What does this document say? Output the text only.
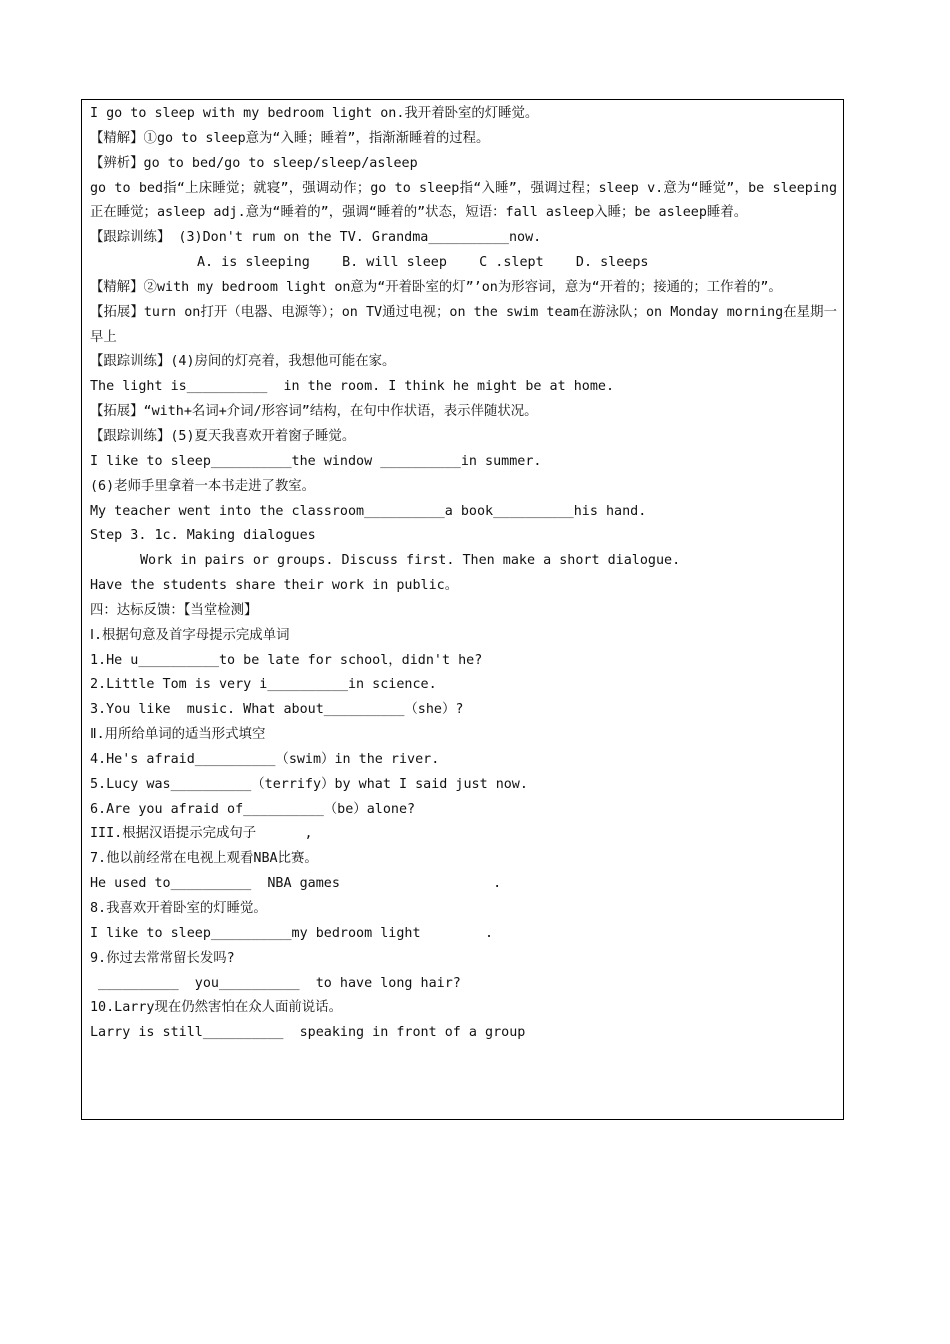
I go to sleep with my bedroom light on.我开着卧室的灯睡觉。
【精解】①go to sleep意为“入睡；睡着”，指渐渐睡着的过程。
【辨析】go to bed/go to sleep/sleep/asleep
go to bed指“上床睡觉；就寝”，强调动作；go to sleep指“入睡”，强调过程；sleep v.意为“睡觉”，be sleeping正在睡觉；asleep adj.意为“睡着的”，强调“睡着的”状态，短语：fall asleep入睡；be asleep睡着。
【跟踪训练】 (3)Don't rum on the TV. Grandma__________now.
A. is sleeping    B. will sleep    C .slept    D. sleeps
【精解】②with my bedroom light on意为“开着卧室的灯”’on为形容词，意为“开着的；接通的；工作着的”。
【拓展】turn on打开（电器、电源等）；on TV通过电视；on the swim team在游泳队；on Monday morning在星期一早上
【跟踪训练】(4)房间的灯亮着，我想他可能在家。
The light is__________  in the room. I think he might be at home.
【拓展】“with+名词+介词/形容词”结构，在句中作状语，表示伴随状况。
【跟踪训练】(5)夏天我喜欢开着窗子睡觉。
I like to sleep__________the window __________in summer.
(6)老师手里拿着一本书走进了教室。
My teacher went into the classroom__________a book__________his hand.
Step 3. 1c. Making dialogues
Work in pairs or groups. Discuss first. Then make a short dialogue.
Have the students share their work in public。
四：达标反馈：【当堂检测】
Ⅰ.根据句意及首字母提示完成单词
1.He u__________to be late for school，didn't he?
2.Little Tom is very i__________in science.
3.You like  music. What about__________（she）?
Ⅱ.用所给单词的适当形式填空
4.He's afraid__________（swim）in the river.
5.Lucy was__________（terrify）by what I said just now.
6.Are you afraid of__________（be）alone?
III.根据汉语提示完成句子      ,
7.他以前经常在电视上观看NBA比赛。
He used to__________  NBA games                   .
8.我喜欢开着卧室的灯睡觉。
I like to sleep__________my bedroom light        .
9.你过去常常留长发吗?
__________  you__________  to have long hair?
10.Larry现在仍然害怕在众人面前说话。
Larry is still__________  speaking in front of a group
